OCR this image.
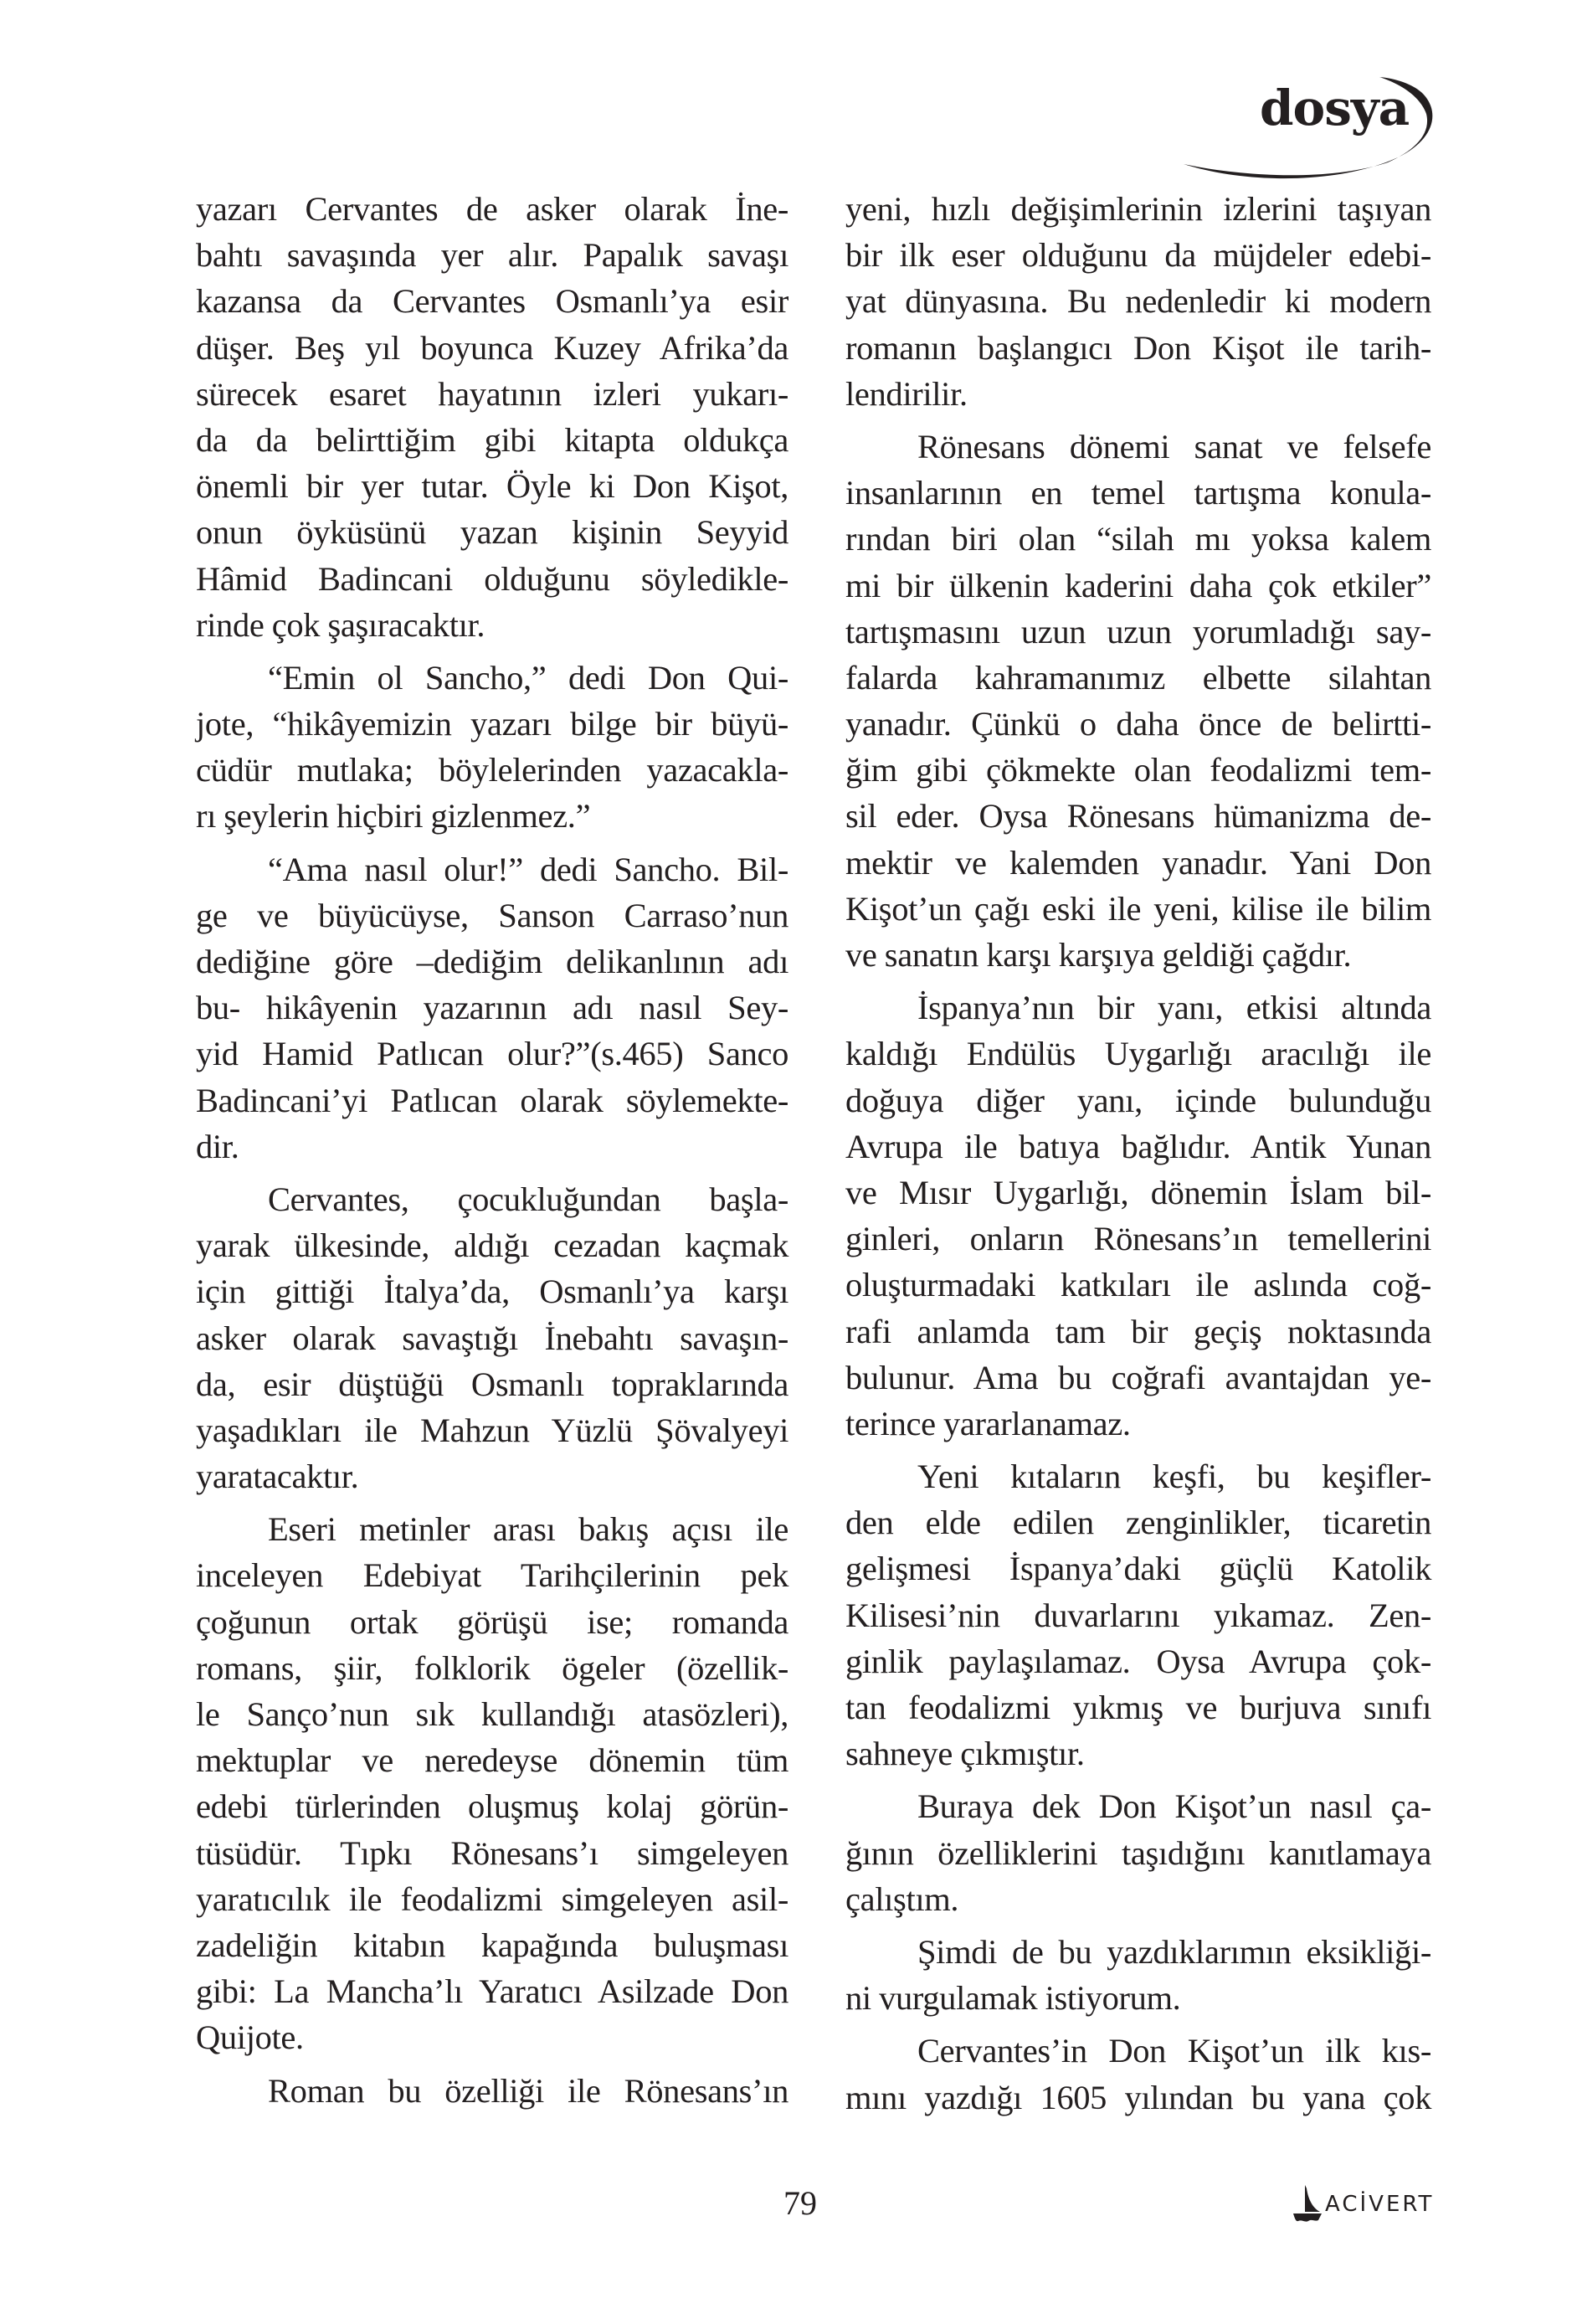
dosya
yazarı Cervantes de asker olarak İne-
bahtı savaşında yer alır. Papalık savaşı
kazansa da Cervantes Osmanlı’ya esir
düşer. Beş yıl boyunca Kuzey Afrika’da
sürecek esaret hayatının izleri yukarı-
da da belirttiğim gibi kitapta oldukça
önemli bir yer tutar. Öyle ki Don Kişot,
onun öyküsünü yazan kişinin Seyyid
Hâmid Badincani olduğunu söyledikle-
rinde çok şaşıracaktır.
“Emin ol Sancho,” dedi Don Qui-
jote, “hikâyemizin yazarı bilge bir büyü-
cüdür mutlaka; böylelerinden yazacakla-
rı şeylerin hiçbiri gizlenmez.”
“Ama nasıl olur!” dedi Sancho. Bil-
ge ve büyücüyse, Sanson Carraso’nun
dediğine göre –dediğim delikanlının adı
bu- hikâyenin yazarının adı nasıl Sey-
yid Hamid Patlıcan olur?”(s.465) Sanco
Badincani’yi Patlıcan olarak söylemekte-
dir.
Cervantes, çocukluğundan başla-
yarak ülkesinde, aldığı cezadan kaçmak
için gittiği İtalya’da, Osmanlı’ya karşı
asker olarak savaştığı İnebahtı savaşın-
da, esir düştüğü Osmanlı topraklarında
yaşadıkları ile Mahzun Yüzlü Şövalyeyi
yaratacaktır.
Eseri metinler arası bakış açısı ile
inceleyen Edebiyat Tarihçilerinin pek
çoğunun ortak görüşü ise; romanda
romans, şiir, folklorik ögeler (özellik-
le Sanço’nun sık kullandığı atasözleri),
mektuplar ve neredeyse dönemin tüm
edebi türlerinden oluşmuş kolaj görün-
tüsüdür. Tıpkı Rönesans’ı simgeleyen
yaratıcılık ile feodalizmi simgeleyen asil-
zadeliğin kitabın kapağında buluşması
gibi: La Mancha’lı Yaratıcı Asilzade Don
Quijote.
Roman bu özelliği ile Rönesans’ın
yeni, hızlı değişimlerinin izlerini taşıyan
bir ilk eser olduğunu da müjdeler edebi-
yat dünyasına. Bu nedenledir ki modern
romanın başlangıcı Don Kişot ile tarih-
lendirilir.
Rönesans dönemi sanat ve felsefe
insanlarının en temel tartışma konula-
rından biri olan “silah mı yoksa kalem
mi bir ülkenin kaderini daha çok etkiler”
tartışmasını uzun uzun yorumladığı say-
falarda kahramanımız elbette silahtan
yanadır. Çünkü o daha önce de belirtti-
ğim gibi çökmekte olan feodalizmi tem-
sil eder. Oysa Rönesans hümanizma de-
mektir ve kalemden yanadır. Yani Don
Kişot’un çağı eski ile yeni, kilise ile bilim
ve sanatın karşı karşıya geldiği çağdır.
İspanya’nın bir yanı, etkisi altında
kaldığı Endülüs Uygarlığı aracılığı ile
doğuya diğer yanı, içinde bulunduğu
Avrupa ile batıya bağlıdır. Antik Yunan
ve Mısır Uygarlığı, dönemin İslam bil-
ginleri, onların Rönesans’ın temellerini
oluşturmadaki katkıları ile aslında coğ-
rafi anlamda tam bir geçiş noktasında
bulunur. Ama bu coğrafi avantajdan ye-
terince yararlanamaz.
Yeni kıtaların keşfi, bu keşifler-
den elde edilen zenginlikler, ticaretin
gelişmesi İspanya’daki güçlü Katolik
Kilisesi’nin duvarlarını yıkamaz. Zen-
ginlik paylaşılamaz. Oysa Avrupa çok-
tan feodalizmi yıkmış ve burjuva sınıfı
sahneye çıkmıştır.
Buraya dek Don Kişot’un nasıl ça-
ğının özelliklerini taşıdığını kanıtlamaya
çalıştım.
Şimdi de bu yazdıklarımın eksikliği-
ni vurgulamak istiyorum.
Cervantes’in Don Kişot’un ilk kıs-
mını yazdığı 1605 yılından bu yana çok
79	ACİVERT
